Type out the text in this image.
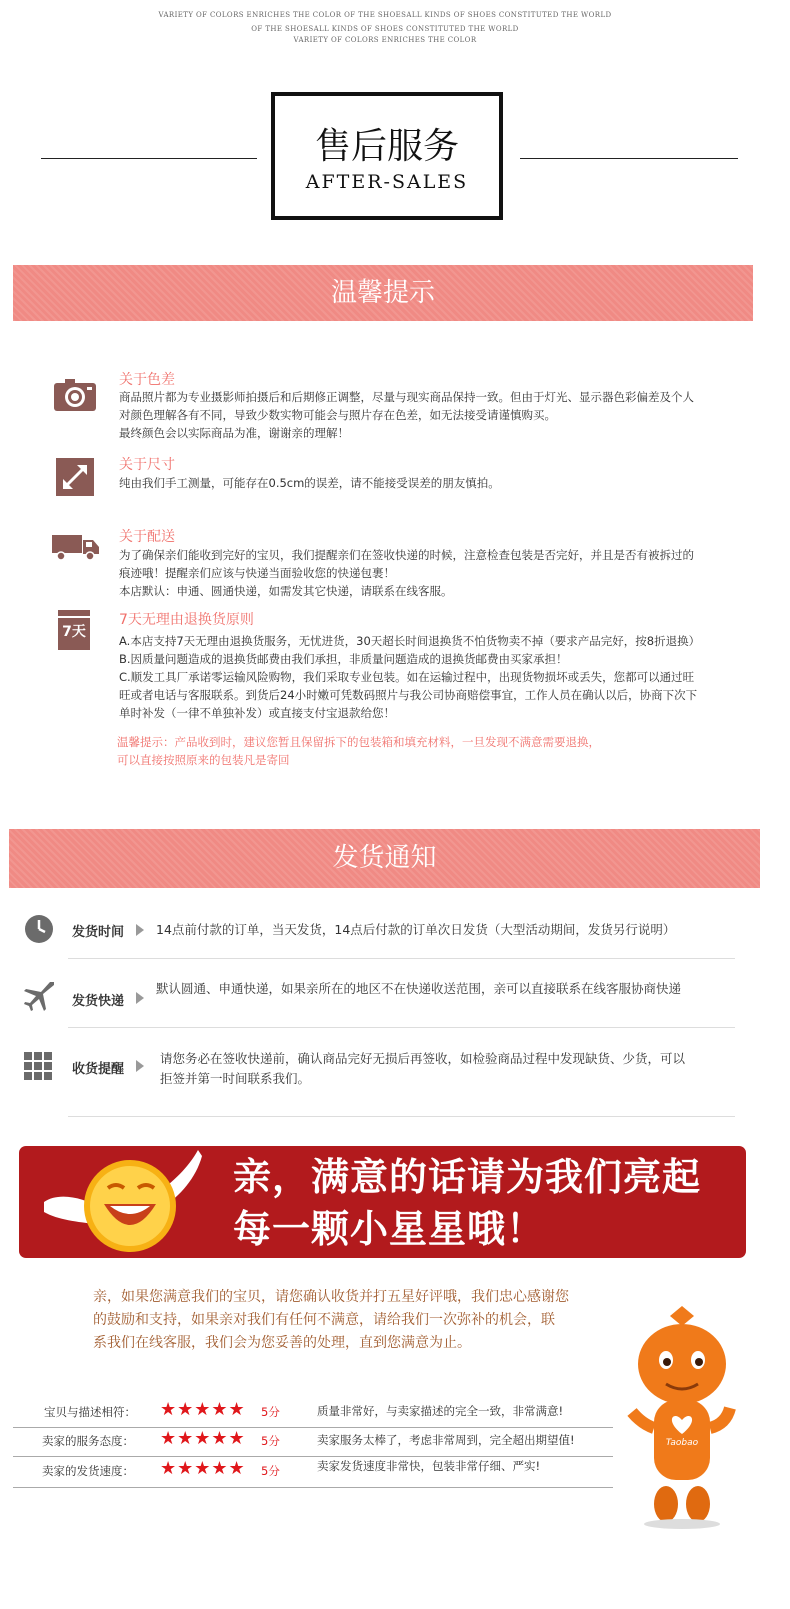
VARIETY OF COLORS ENRICHES THE COLOR OF THE SHOESALL KINDS OF SHOES CONSTITUTED THE WORLD
OF THE SHOESALL KINDS OF SHOES CONSTITUTED THE WORLD
VARIETY OF COLORS ENRICHES THE COLOR
售后服务
AFTER-SALES
温馨提示
关于色差
商品照片都为专业摄影师拍摄后和后期修正调整，尽量与现实商品保持一致。但由于灯光、显示器色彩偏差及个人
对颜色理解各有不同，导致少数实物可能会与照片存在色差，如无法接受请谨慎购买。
最终颜色会以实际商品为准，谢谢亲的理解！
关于尺寸
纯由我们手工测量，可能存在0.5cm的误差，请不能接受误差的朋友慎拍。
关于配送
为了确保亲们能收到完好的宝贝，我们提醒亲们在签收快递的时候，注意检查包装是否完好，并且是否有被拆过的
痕迹哦！提醒亲们应该与快递当面验收您的快递包裹！
本店默认：申通、圆通快递，如需发其它快递，请联系在线客服。
7天
7天无理由退换货原则
A.本店支持7天无理由退换货服务，无忧进货，30天超长时间退换货不怕货物卖不掉（要求产品完好，按8折退换）
B.因质量问题造成的退换货邮费由我们承担，非质量问题造成的退换货邮费由买家承担！
C.顺发工具厂承诺零运输风险购物，我们采取专业包装。如在运输过程中，出现货物损坏或丢失，您都可以通过旺
旺或者电话与客服联系。到货后24小时嫩可凭数码照片与我公司协商赔偿事宜，工作人员在确认以后，协商下次下
单时补发（一律不单独补发）或直接支付宝退款给您！
温馨提示：产品收到时，建议您暂且保留拆下的包装箱和填充材料，一旦发现不满意需要退换，
可以直接按照原来的包装凡是寄回
发货通知
发货时间	14点前付款的订单，当天发货，14点后付款的订单次日发货（大型活动期间，发货另行说明）
发货快递
默认圆通、申通快递，如果亲所在的地区不在快递收送范围，亲可以直接联系在线客服协商快递
收货提醒
请您务必在签收快递前，确认商品完好无损后再签收，如检验商品过程中发现缺货、少货，可以
拒签并第一时间联系我们。
亲，满意的话请为我们亮起
每一颗小星星哦！
亲，如果您满意我们的宝贝，请您确认收货并打五星好评哦，我们忠心感谢您
的鼓励和支持，如果亲对我们有任何不满意，请给我们一次弥补的机会，联
系我们在线客服，我们会为您妥善的处理，直到您满意为止。
宝贝与描述相符： ★★★★★ 5分	质量非常好，与卖家描述的完全一致，非常满意!
卖家的服务态度： ★★★★★ 5分	卖家服务太棒了，考虑非常周到，完全超出期望值!
卖家的发货速度： ★★★★★ 5分	卖家发货速度非常快，包装非常仔细、严实!
Taobao
